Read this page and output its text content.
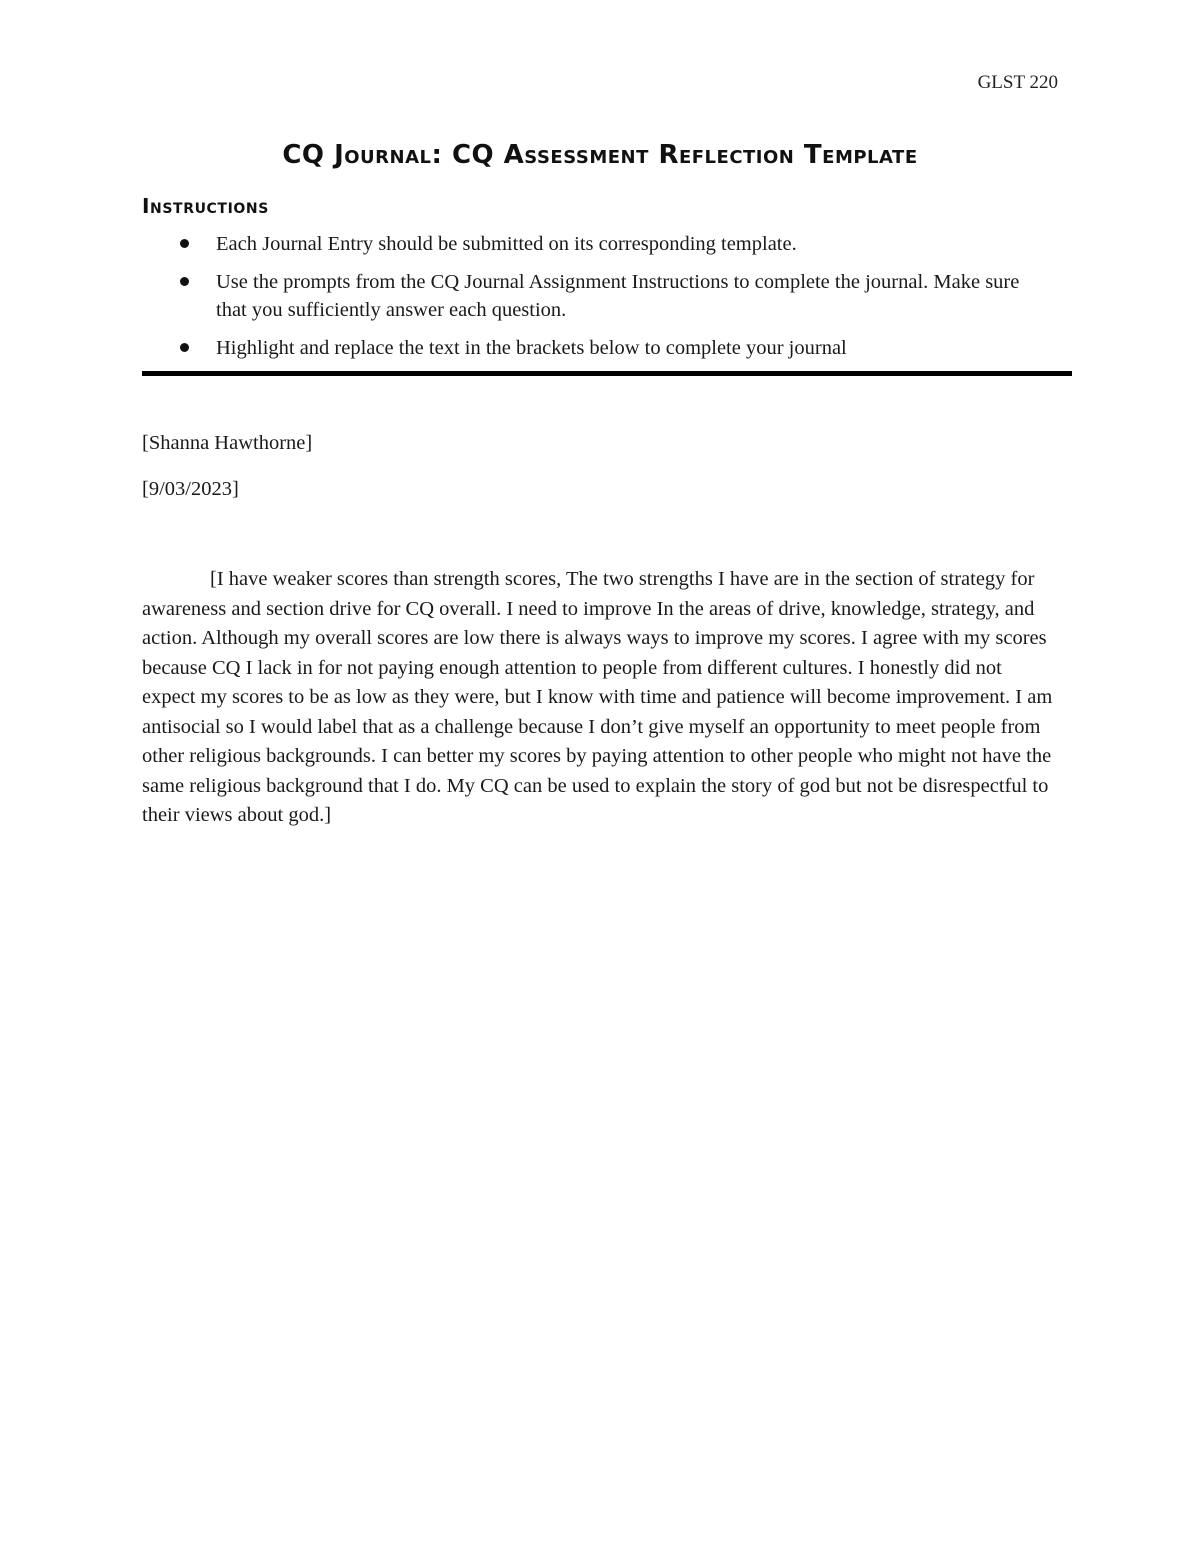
GLST 220
CQ Journal: CQ Assessment Reflection Template
Instructions
Each Journal Entry should be submitted on its corresponding template.
Use the prompts from the CQ Journal Assignment Instructions to complete the journal. Make sure that you sufficiently answer each question.
Highlight and replace the text in the brackets below to complete your journal
[Shanna Hawthorne]
[9/03/2023]

[I have weaker scores than strength scores, The two strengths I have are in the section of strategy for awareness and section drive for CQ overall. I need to improve In the areas of drive, knowledge, strategy, and action. Although my overall scores are low there is always ways to improve my scores. I agree with my scores because CQ I lack in for not paying enough attention to people from different cultures. I honestly did not expect my scores to be as low as they were, but I know with time and patience will become improvement. I am antisocial so I would label that as a challenge because I don’t give myself an opportunity to meet people from other religious backgrounds. I can better my scores by paying attention to other people who might not have the same religious background that I do. My CQ can be used to explain the story of god but not be disrespectful to their views about god.]
